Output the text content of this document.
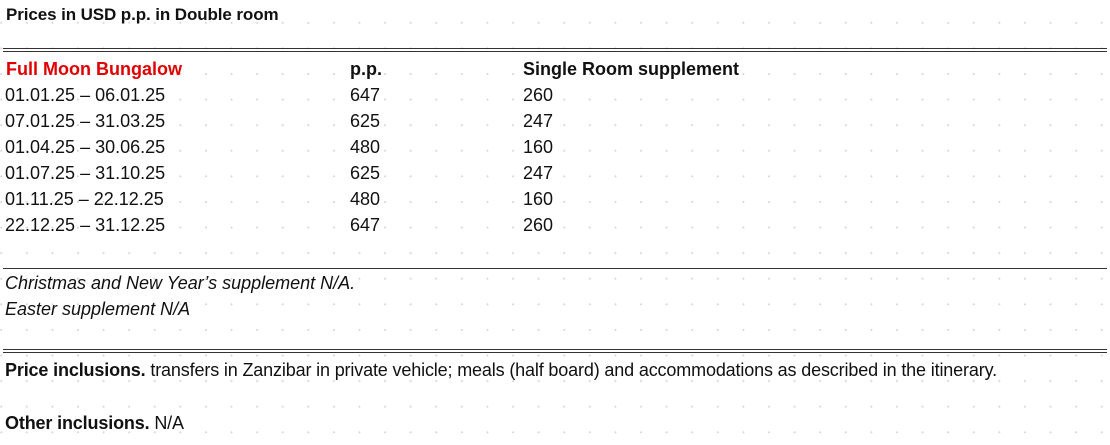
Prices in USD p.p. in Double room
Full Moon Bungalow	p.p.	Single Room supplement
01.01.25 – 06.01.25	647	260
07.01.25 – 31.03.25	625	247
01.04.25 – 30.06.25	480	160
01.07.25 – 31.10.25	625	247
01.11.25 – 22.12.25	480	160
22.12.25 – 31.12.25	647	260
Christmas and New Year’s supplement N/A.
Easter supplement N/A
Price inclusions. transfers in Zanzibar in private vehicle; meals (half board) and accommodations as described in the itinerary.
Other inclusions. N/A
